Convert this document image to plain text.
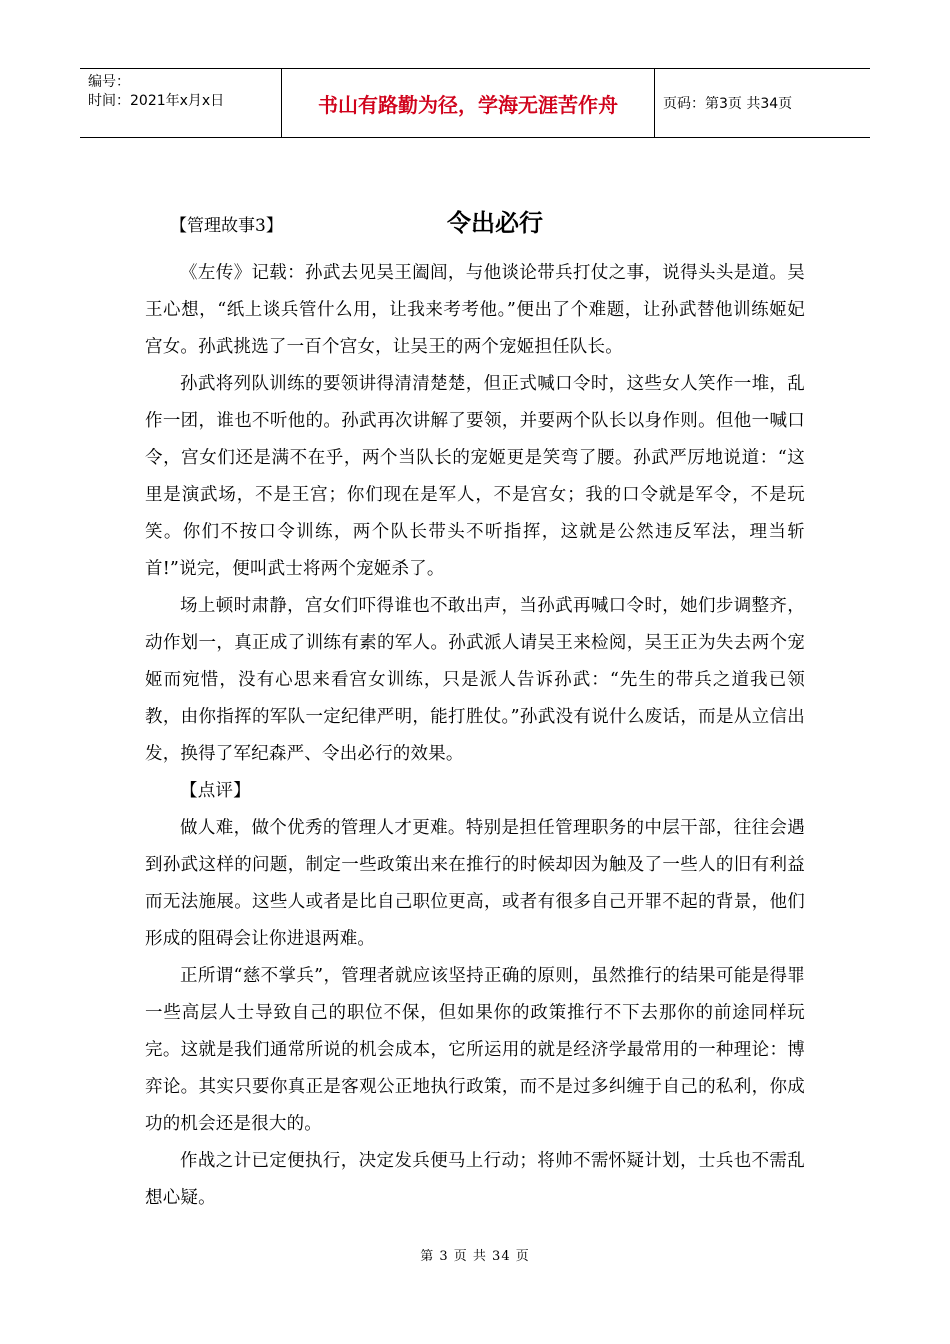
编号：
时间：2021年x月x日	书山有路勤为径，学海无涯苦作舟	页码：第3页 共34页
【管理故事3】	令出必行

《左传》记载：孙武去见吴王阖闾，与他谈论带兵打仗之事，说得头头是道。吴王心想，“纸上谈兵管什么用，让我来考考他。”便出了个难题，让孙武替他训练姬妃宫女。孙武挑选了一百个宫女，让吴王的两个宠姬担任队长。

孙武将列队训练的要领讲得清清楚楚，但正式喊口令时，这些女人笑作一堆，乱作一团，谁也不听他的。孙武再次讲解了要领，并要两个队长以身作则。但他一喊口令，宫女们还是满不在乎，两个当队长的宠姬更是笑弯了腰。孙武严厉地说道：“这里是演武场，不是王宫；你们现在是军人，不是宫女；我的口令就是军令，不是玩笑。你们不按口令训练，两个队长带头不听指挥，这就是公然违反军法，理当斩首!”说完，便叫武士将两个宠姬杀了。

场上顿时肃静，宫女们吓得谁也不敢出声，当孙武再喊口令时，她们步调整齐，动作划一，真正成了训练有素的军人。孙武派人请吴王来检阅，吴王正为失去两个宠姬而宛惜，没有心思来看宫女训练，只是派人告诉孙武：“先生的带兵之道我已领教，由你指挥的军队一定纪律严明，能打胜仗。”孙武没有说什么废话，而是从立信出发，换得了军纪森严、令出必行的效果。

【点评】

做人难，做个优秀的管理人才更难。特别是担任管理职务的中层干部，往往会遇到孙武这样的问题，制定一些政策出来在推行的时候却因为触及了一些人的旧有利益而无法施展。这些人或者是比自己职位更高，或者有很多自己开罪不起的背景，他们形成的阻碍会让你进退两难。

正所谓“慈不掌兵”，管理者就应该坚持正确的原则，虽然推行的结果可能是得罪一些高层人士导致自己的职位不保，但如果你的政策推行不下去那你的前途同样玩完。这就是我们通常所说的机会成本，它所运用的就是经济学最常用的一种理论：博弈论。其实只要你真正是客观公正地执行政策，而不是过多纠缠于自己的私利，你成功的机会还是很大的。

作战之计已定便执行，决定发兵便马上行动；将帅不需怀疑计划，士兵也不需乱想心疑。

第 3 页 共 34 页
